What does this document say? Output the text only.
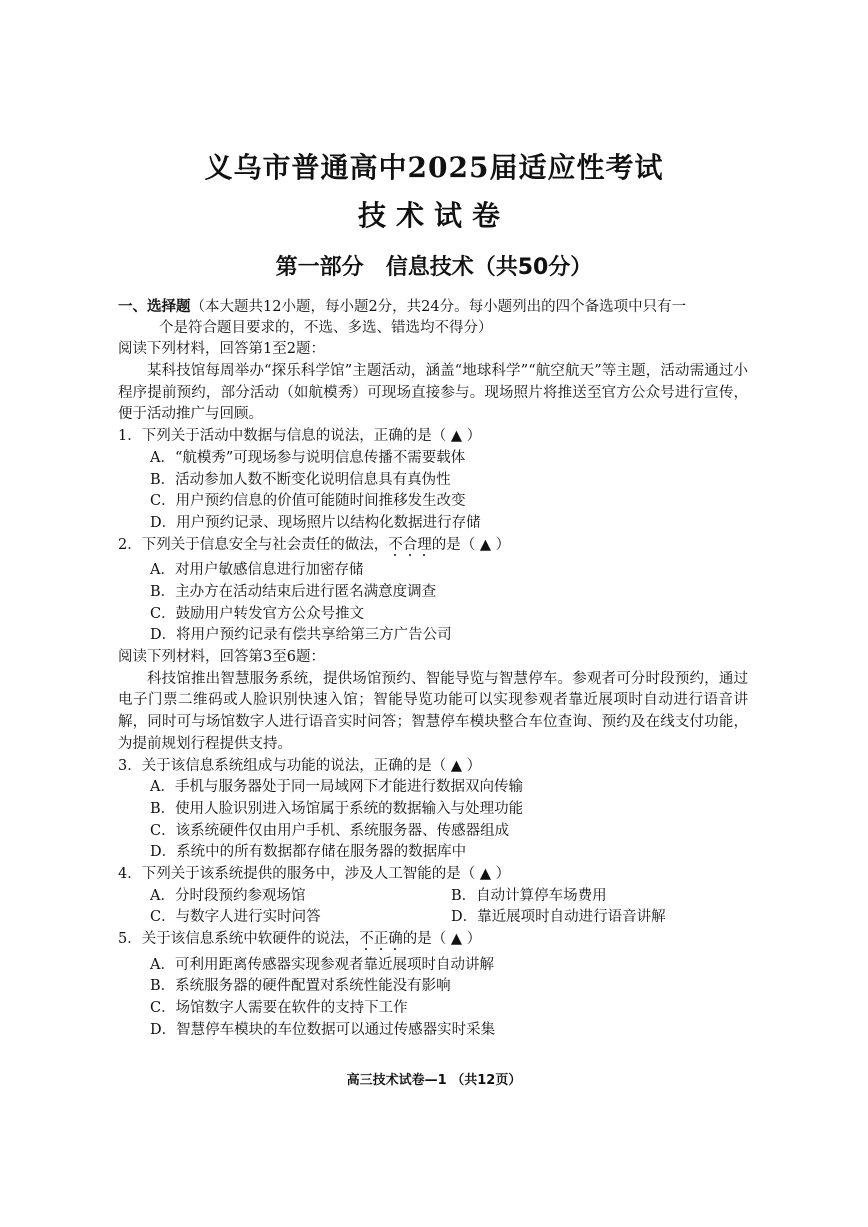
义乌市普通高中2025届适应性考试
技术试卷
第一部分 信息技术（共50分）
一、选择题（本大题共12小题，每小题2分，共24分。每小题列出的四个备选项中只有一
个是符合题目要求的，不选、多选、错选均不得分）
阅读下列材料，回答第1至2题：
某科技馆每周举办“探乐科学馆”主题活动，涵盖“地球科学”“航空航天”等主题，活动需通过小程序提前预约，部分活动（如航模秀）可现场直接参与。现场照片将推送至官方公众号进行宣传，便于活动推广与回顾。
1．下列关于活动中数据与信息的说法，正确的是（ ▲ ）
A．“航模秀”可现场参与说明信息传播不需要载体
B．活动参加人数不断变化说明信息具有真伪性
C．用户预约信息的价值可能随时间推移发生改变
D．用户预约记录、现场照片以结构化数据进行存储
2．下列关于信息安全与社会责任的做法，不合理的是（ ▲ ）
A．对用户敏感信息进行加密存储
B．主办方在活动结束后进行匿名满意度调查
C．鼓励用户转发官方公众号推文
D．将用户预约记录有偿共享给第三方广告公司
阅读下列材料，回答第3至6题：
科技馆推出智慧服务系统，提供场馆预约、智能导览与智慧停车。参观者可分时段预约，通过电子门票二维码或人脸识别快速入馆；智能导览功能可以实现参观者靠近展项时自动进行语音讲解，同时可与场馆数字人进行语音实时问答；智慧停车模块整合车位查询、预约及在线支付功能，为提前规划行程提供支持。
3．关于该信息系统组成与功能的说法，正确的是（ ▲ ）
A．手机与服务器处于同一局域网下才能进行数据双向传输
B．使用人脸识别进入场馆属于系统的数据输入与处理功能
C．该系统硬件仅由用户手机、系统服务器、传感器组成
D．系统中的所有数据都存储在服务器的数据库中
4．下列关于该系统提供的服务中，涉及人工智能的是（ ▲ ）
A．分时段预约参观场馆	B．自动计算停车场费用
C．与数字人进行实时问答	D．靠近展项时自动进行语音讲解
5．关于该信息系统中软硬件的说法，不正确的是（ ▲ ）
A．可利用距离传感器实现参观者靠近展项时自动讲解
B．系统服务器的硬件配置对系统性能没有影响
C．场馆数字人需要在软件的支持下工作
D．智慧停车模块的车位数据可以通过传感器实时采集
高三技术试卷—1 （共12页）
